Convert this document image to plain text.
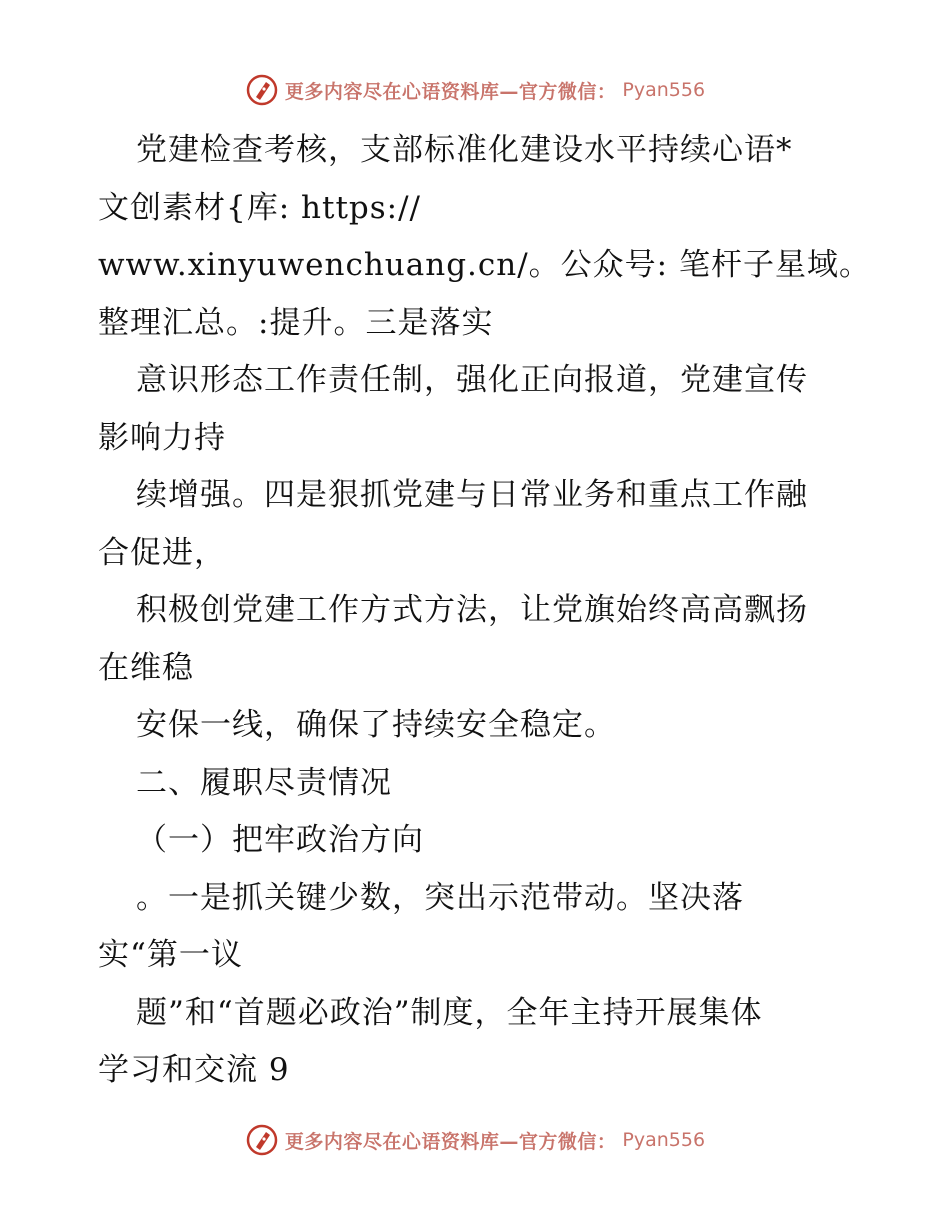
更多内容尽在心语资料库—官方微信： Pyan556
党建检查考核，支部标准化建设水平持续心语*
文创素材{库: https://
www.xinyuwenchuang.cn/。公众号: 笔杆子星域。
整理汇总。:提升。三是落实
意识形态工作责任制，强化正向报道，党建宣传
影响力持
续增强。四是狠抓党建与日常业务和重点工作融
合促进，
积极创党建工作方式方法，让党旗始终高高飘扬
在维稳
安保一线，确保了持续安全稳定。
二、履职尽责情况
（一）把牢政治方向
。一是抓关键少数，突出示范带动。坚决落
实“第一议
题”和“首题必政治”制度，全年主持开展集体
学习和交流 9
更多内容尽在心语资料库—官方微信： Pyan556
